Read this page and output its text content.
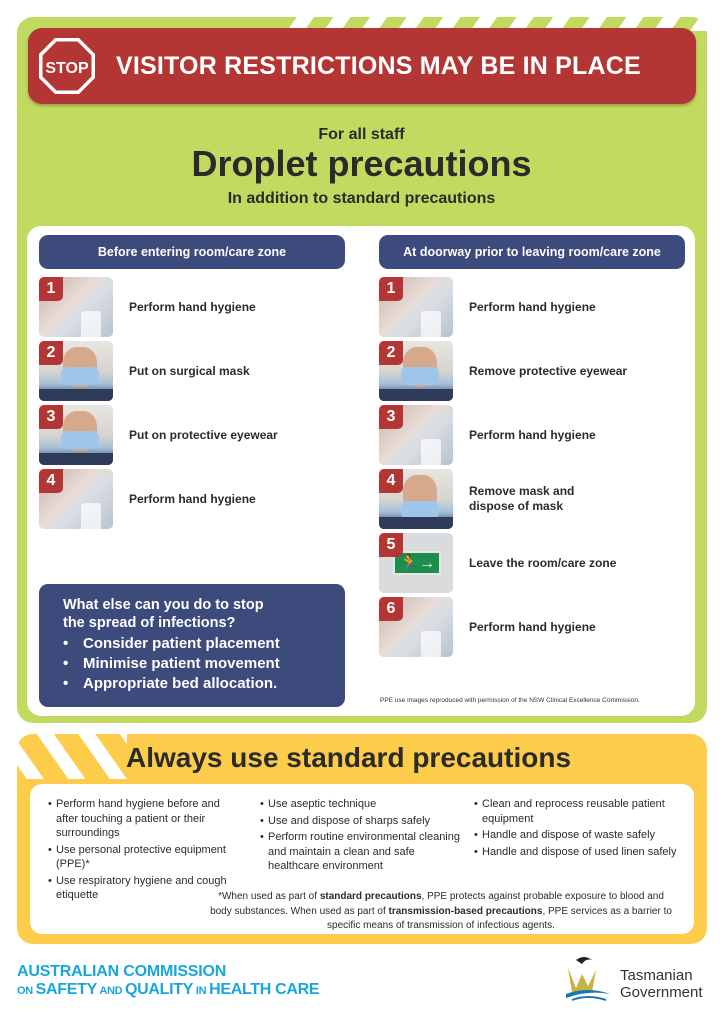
STOP VISITOR RESTRICTIONS MAY BE IN PLACE
For all staff
Droplet precautions
In addition to standard precautions
Before entering room/care zone
1
Perform hand hygiene
2
Put on surgical mask
3
Put on protective eyewear
4
Perform hand hygiene
At doorway prior to leaving room/care zone
1
Perform hand hygiene
2
Remove protective eyewear
3
Perform hand hygiene
4
Remove mask and
dispose of mask
🏃→
5
Leave the room/care zone
6
Perform hand hygiene
What else can you do to stop
the spread of infections?
• Consider patient placement
• Minimise patient movement
• Appropriate bed allocation.
PPE use images reproduced with permission of the NSW Clinical Excellence Commission.
Always use standard precautions
• Perform hand hygiene before and after touching a patient or their surroundings
• Use personal protective equipment (PPE)*
• Use respiratory hygiene and cough etiquette
• Use aseptic technique
• Use and dispose of sharps safely
• Perform routine environmental cleaning and maintain a clean and safe healthcare environment
• Clean and reprocess reusable patient equipment
• Handle and dispose of waste safely
• Handle and dispose of used linen safely
*When used as part of standard precautions, PPE protects against probable exposure to blood and body substances. When used as part of transmission-based precautions, PPE services as a barrier to specific means of transmission of infectious agents.
AUSTRALIAN COMMISSION
ON SAFETY AND QUALITY IN HEALTH CARE
Tasmanian
Government
